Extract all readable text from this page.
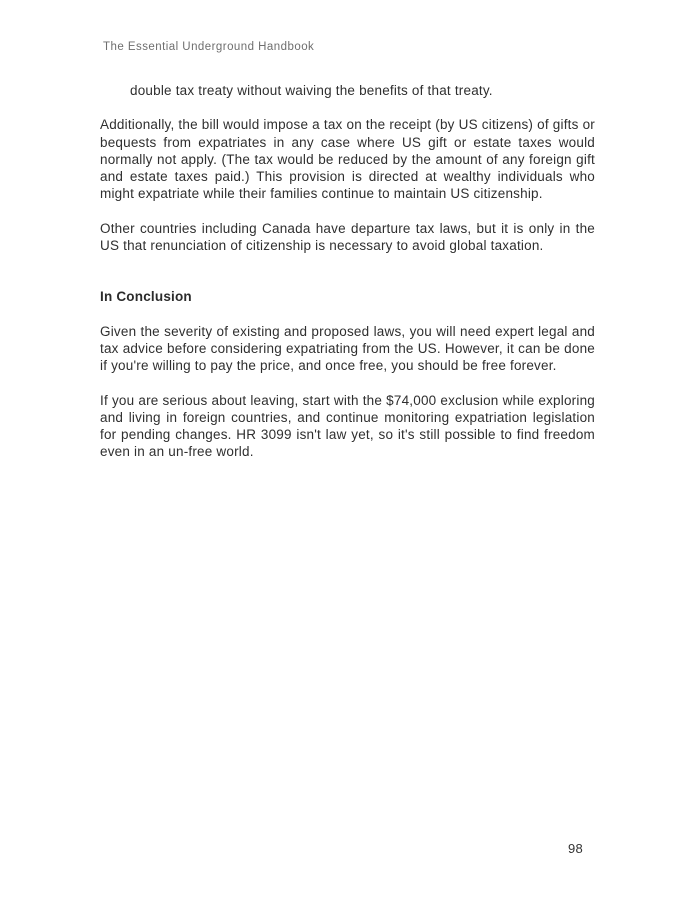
The Essential Underground Handbook

double tax treaty without waiving the benefits of that treaty.

Additionally, the bill would impose a tax on the receipt (by US citizens) of gifts or bequests from expatriates in any case where US gift or estate taxes would normally not apply. (The tax would be reduced by the amount of any foreign gift and estate taxes paid.) This provision is directed at wealthy individuals who might expatriate while their families continue to maintain US citizenship.

Other countries including Canada have departure tax laws, but it is only in the US that renunciation of citizenship is necessary to avoid global taxation.

In Conclusion

Given the severity of existing and proposed laws, you will need expert legal and tax advice before considering expatriating from the US. However, it can be done if you're willing to pay the price, and once free, you should be free forever.

If you are serious about leaving, start with the $74,000 exclusion while exploring and living in foreign countries, and continue monitoring expatriation legislation for pending changes. HR 3099 isn't law yet, so it's still possible to find freedom even in an un-free world.

98
